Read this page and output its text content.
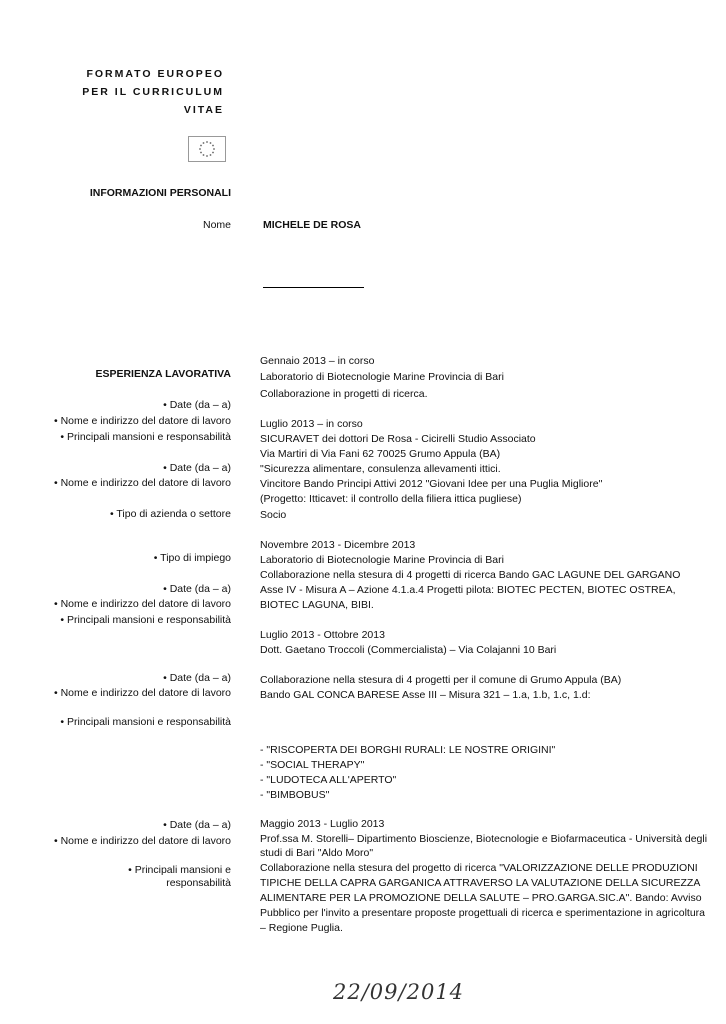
FORMATO EUROPEO
PER IL CURRICULUM
VITAE
INFORMAZIONI PERSONALI
Nome	MICHELE DE ROSA
ESPERIENZA LAVORATIVA
• Date (da – a)
• Nome e indirizzo del datore di lavoro
• Principali mansioni e responsabilità
• Date (da – a)
• Nome e indirizzo del datore di lavoro
• Tipo di azienda o settore
• Tipo di impiego
• Date (da – a)
• Nome e indirizzo del datore di lavoro
• Principali mansioni e responsabilità
• Date (da – a)
• Nome e indirizzo del datore di lavoro
• Principali mansioni e responsabilità
• Date (da – a)
• Nome e indirizzo del datore di lavoro
• Principali mansioni e responsabilità
Gennaio 2013 – in corso
Laboratorio di Biotecnologie Marine Provincia di Bari
Collaborazione in progetti di ricerca.
Luglio 2013 – in corso
SICURAVET dei dottori De Rosa - Cicirelli Studio Associato
Via Martiri di Via Fani 62 70025 Grumo Appula (BA)
"Sicurezza alimentare, consulenza allevamenti ittici.
Vincitore Bando Principi Attivi 2012 "Giovani Idee per una Puglia Migliore"
(Progetto: Itticavet: il controllo della filiera ittica pugliese)
Socio
Novembre 2013 - Dicembre 2013
Laboratorio di Biotecnologie Marine Provincia di Bari
Collaborazione nella stesura di 4 progetti di ricerca Bando GAC LAGUNE DEL GARGANO
Asse IV - Misura A – Azione 4.1.a.4 Progetti pilota: BIOTEC PECTEN, BIOTEC OSTREA,
BIOTEC LAGUNA, BIBI.
Luglio 2013 - Ottobre 2013
Dott. Gaetano Troccoli (Commercialista) – Via Colajanni 10 Bari
Collaborazione nella stesura di 4 progetti per il comune di Grumo Appula (BA)
Bando GAL CONCA BARESE Asse III – Misura 321 – 1.a, 1.b, 1.c, 1.d:
- "RISCOPERTA DEI BORGHI RURALI: LE NOSTRE ORIGINI"
- "SOCIAL THERAPY"
- "LUDOTECA ALL'APERTO"
- "BIMBOBUS"
Maggio 2013 - Luglio 2013
Prof.ssa M. Storelli– Dipartimento Bioscienze, Biotecnologie e Biofarmaceutica - Università degli
studi di Bari "Aldo Moro"
Collaborazione nella stesura del progetto di ricerca "VALORIZZAZIONE DELLE PRODUZIONI
TIPICHE DELLA CAPRA GARGANICA ATTRAVERSO LA VALUTAZIONE DELLA SICUREZZA
ALIMENTARE PER LA PROMOZIONE DELLA SALUTE – PRO.GARGA.SIC.A". Bando: Avviso
Pubblico per l'invito a presentare proposte progettuali di ricerca e sperimentazione in agricoltura
– Regione Puglia.
22/09/2014
